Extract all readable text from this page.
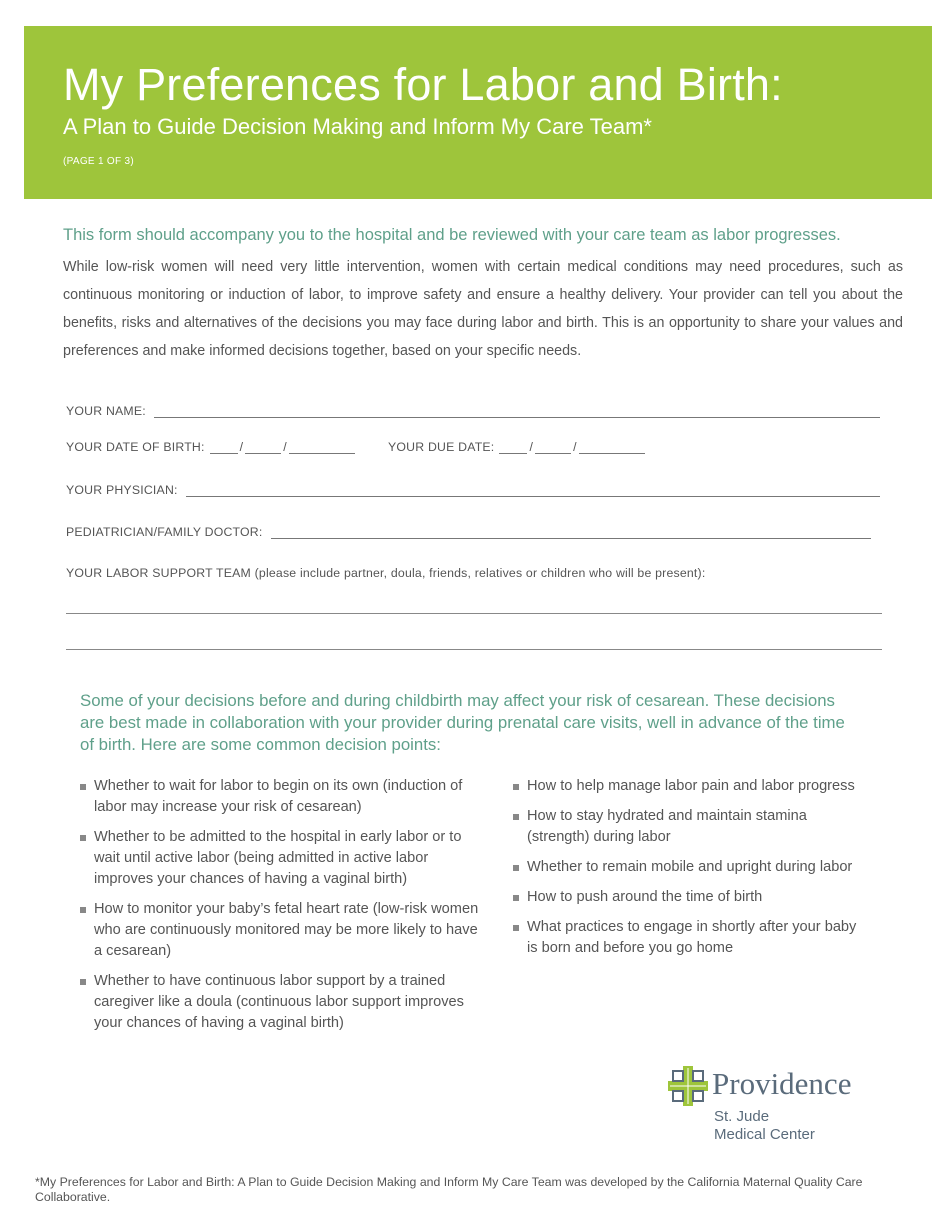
My Preferences for Labor and Birth:
A Plan to Guide Decision Making and Inform My Care Team*
(PAGE 1 OF 3)
This form should accompany you to the hospital and be reviewed with your care team as labor progresses.
While low-risk women will need very little intervention, women with certain medical conditions may need procedures, such as continuous monitoring or induction of labor, to improve safety and ensure a healthy delivery. Your provider can tell you about the benefits, risks and alternatives of the decisions you may face during labor and birth. This is an opportunity to share your values and preferences and make informed decisions together, based on your specific needs.
YOUR NAME:
YOUR DATE OF BIRTH:	/	/	YOUR DUE DATE:	/	/
YOUR PHYSICIAN:
PEDIATRICIAN/FAMILY DOCTOR:
YOUR LABOR SUPPORT TEAM (please include partner, doula, friends, relatives or children who will be present):
Some of your decisions before and during childbirth may affect your risk of cesarean. These decisions are best made in collaboration with your provider during prenatal care visits, well in advance of the time of birth. Here are some common decision points:
Whether to wait for labor to begin on its own (induction of labor may increase your risk of cesarean)
Whether to be admitted to the hospital in early labor or to wait until active labor (being admitted in active labor improves your chances of having a vaginal birth)
How to monitor your baby’s fetal heart rate (low-risk women who are continuously monitored may be more likely to have a cesarean)
Whether to have continuous labor support by a trained caregiver like a doula (continuous labor support improves your chances of having a vaginal birth)
How to help manage labor pain and labor progress
How to stay hydrated and maintain stamina (strength) during labor
Whether to remain mobile and upright during labor
How to push around the time of birth
What practices to engage in shortly after your baby is born and before you go home
Providence
St. Jude
Medical Center
*My Preferences for Labor and Birth: A Plan to Guide Decision Making and Inform My Care Team was developed by the California Maternal Quality Care Collaborative.
